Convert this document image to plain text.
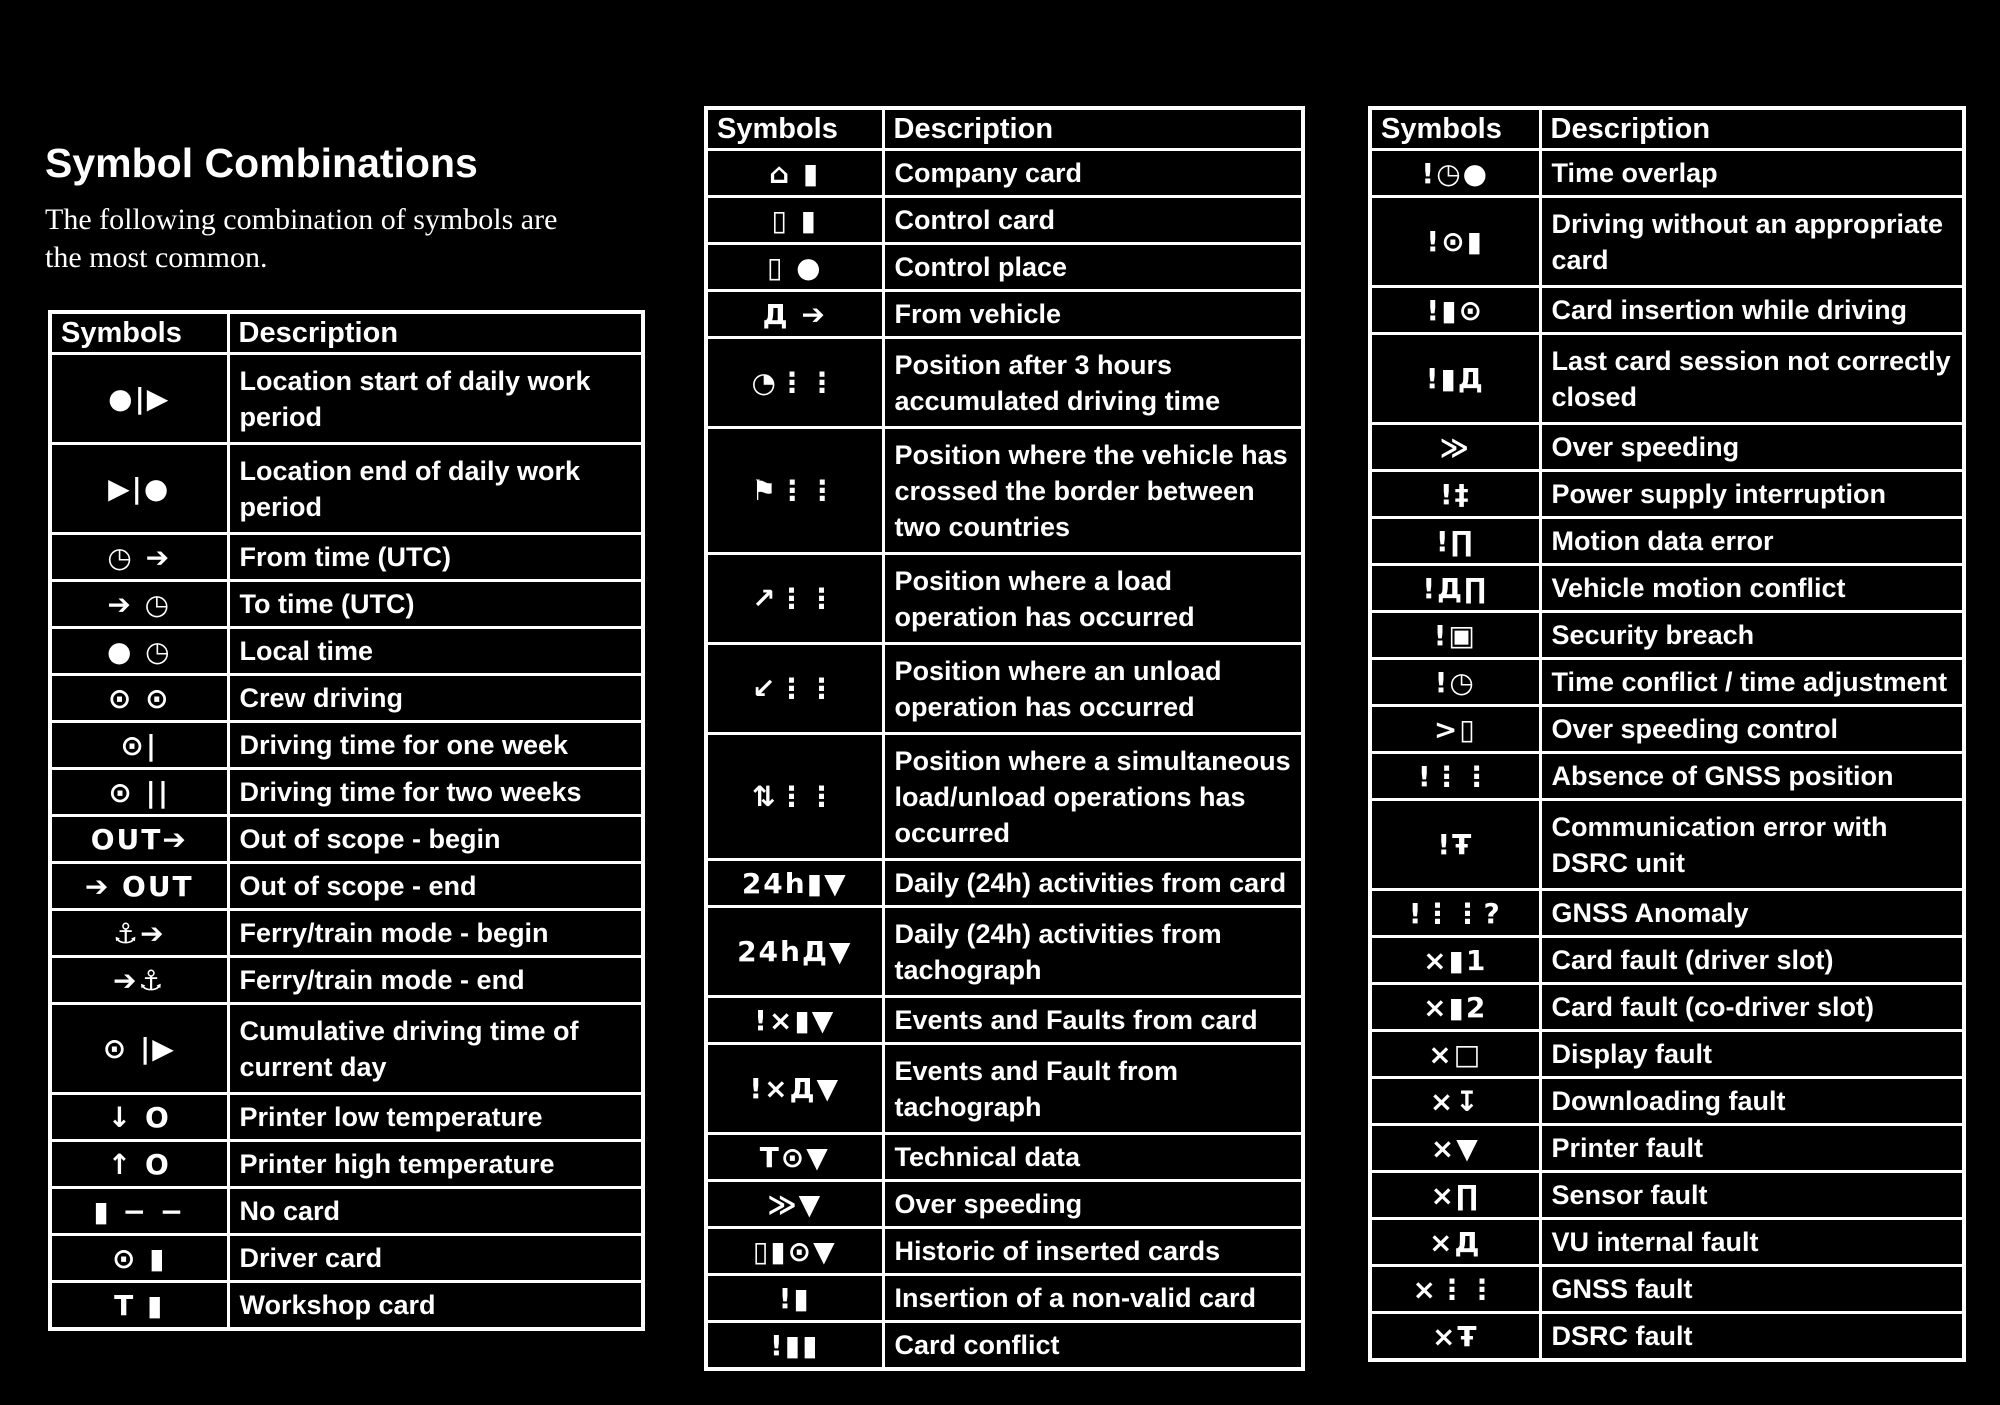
Symbol Combinations

The following combination of symbols are

the most common.

Symbols	Description
●|▶	Location start of daily work period
▶|●	Location end of daily work period
◷ ➔	From time (UTC)
➔ ◷	To time (UTC)
● ◷	Local time
⊙ ⊙	Crew driving
⊙|	Driving time for one week
⊙ ||	Driving time for two weeks
OUT➔	Out of scope - begin
➔ OUT	Out of scope - end
⚓➔	Ferry/train mode - begin
➔⚓	Ferry/train mode - end
⊙ |▶	Cumulative driving time of current day
↓ O	Printer low temperature
↑ O	Printer high temperature
▮ − −	No card
⊙ ▮	Driver card
T ▮	Workshop card
Symbols	Description
⌂ ▮	Company card
▯ ▮	Control card
▯ ●	Control place
Д ➔	From vehicle
◔⋮⋮	Position after 3 hours accumulated driving time
⚑⋮⋮	Position where the vehicle has crossed the border between two countries
↗⋮⋮	Position where a load operation has occurred
↙⋮⋮	Position where an unload operation has occurred
⇅⋮⋮	Position where a simultaneous load/unload operations has occurred
24h▮▼	Daily (24h) activities from card
24hД▼	Daily (24h) activities from tachograph
!×▮▼	Events and Faults from card
!×Д▼	Events and Fault from tachograph
T⊙▼	Technical data
≫▼	Over speeding
▯▮⊙▼	Historic of inserted cards
!▮	Insertion of a non-valid card
!▮▮	Card conflict
Symbols	Description
!◷●	Time overlap
!⊙▮	Driving without an appropriate card
!▮⊙	Card insertion while driving
!▮Д	Last card session not correctly closed
≫	Over speeding
!‡	Power supply interruption
!∏	Motion data error
!Д∏	Vehicle motion conflict
!▣	Security breach
!◷	Time conflict / time adjustment
>▯	Over speeding control
!⋮⋮	Absence of GNSS position
!Ŧ	Communication error with DSRC unit
!⋮⋮?	GNSS Anomaly
×▮1	Card fault (driver slot)
×▮2	Card fault (co-driver slot)
×□	Display fault
×↧	Downloading fault
×▼	Printer fault
×∏	Sensor fault
×Д	VU internal fault
×⋮⋮	GNSS fault
×Ŧ	DSRC fault
